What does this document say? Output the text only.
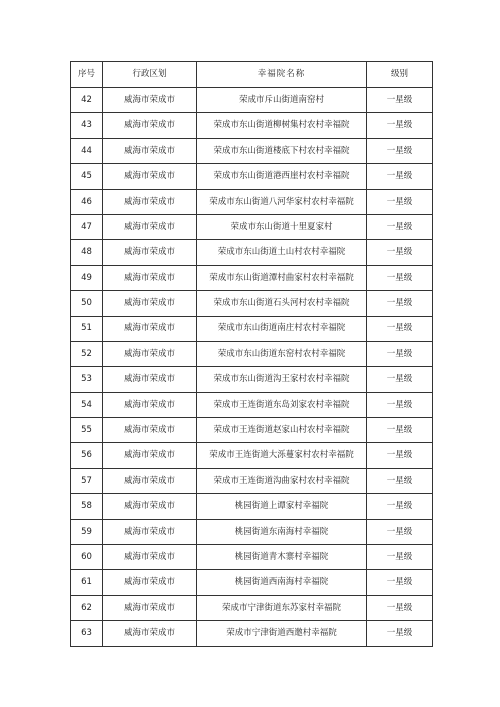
序号	行政区划	幸福院名称	级别
42	威海市荣成市	荣成市斥山街道南窑村	一星级
43	威海市荣成市	荣成市东山街道柳树集村农村幸福院	一星级
44	威海市荣成市	荣成市东山街道楼底下村农村幸福院	一星级
45	威海市荣成市	荣成市东山街道港西崖村农村幸福院	一星级
46	威海市荣成市	荣成市东山街道八河华家村农村幸福院	一星级
47	威海市荣成市	荣成市东山街道十里夏家村	一星级
48	威海市荣成市	荣成市东山街道土山村农村幸福院	一星级
49	威海市荣成市	荣成市东山街道潭村曲家村农村幸福院	一星级
50	威海市荣成市	荣成市东山街道石头河村农村幸福院	一星级
51	威海市荣成市	荣成市东山街道南庄村农村幸福院	一星级
52	威海市荣成市	荣成市东山街道东窑村农村幸福院	一星级
53	威海市荣成市	荣成市东山街道沟王家村农村幸福院	一星级
54	威海市荣成市	荣成市王连街道东岛刘家农村幸福院	一星级
55	威海市荣成市	荣成市王连街道赵家山村农村幸福院	一星级
56	威海市荣成市	荣成市王连街道大泺蔓家村农村幸福院	一星级
57	威海市荣成市	荣成市王连街道沟曲家村农村幸福院	一星级
58	威海市荣成市	桃园街道上谭家村幸福院	一星级
59	威海市荣成市	桃园街道东南海村幸福院	一星级
60	威海市荣成市	桃园街道青木寨村幸福院	一星级
61	威海市荣成市	桃园街道西南海村幸福院	一星级
62	威海市荣成市	荣成市宁津街道东苏家村幸福院	一星级
63	威海市荣成市	荣成市宁津街道西邀村幸福院	一星级
